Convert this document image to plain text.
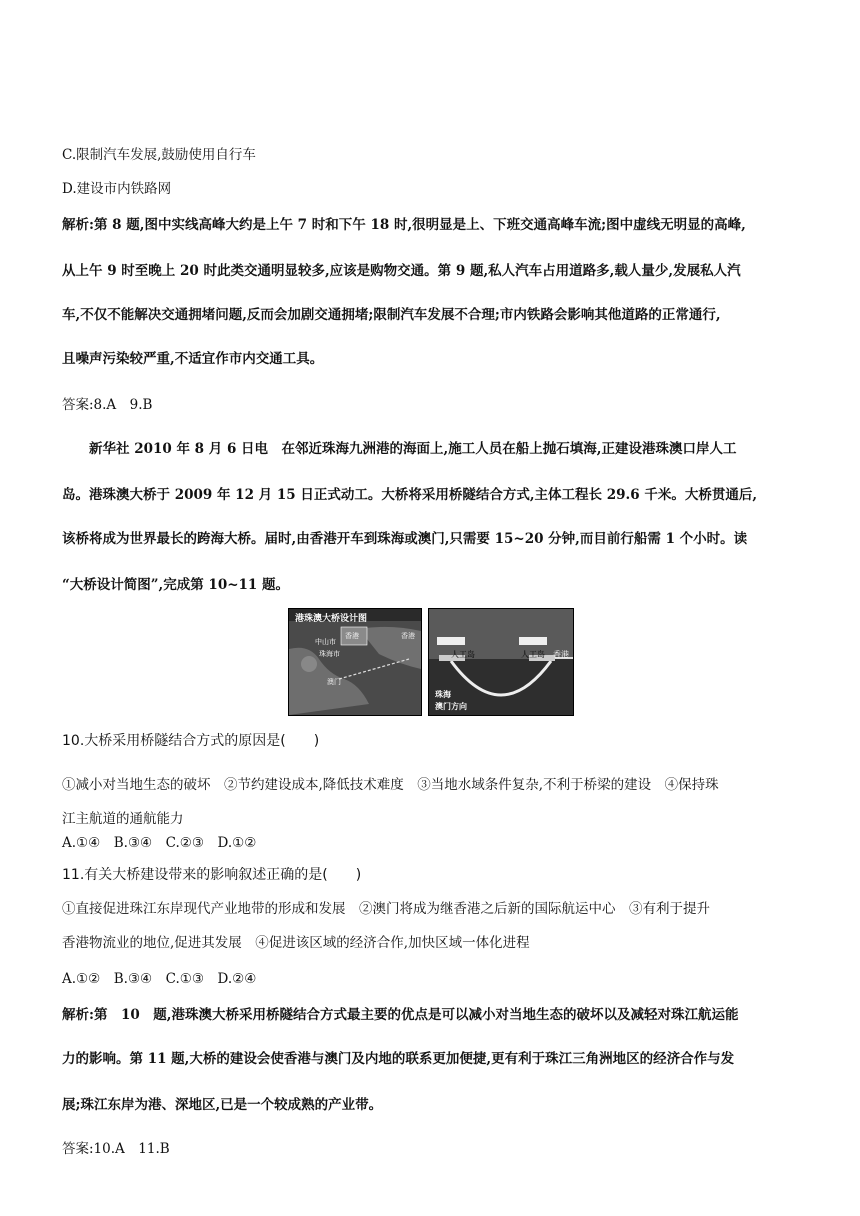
C.限制汽车发展,鼓励使用自行车
D.建设市内铁路网
解析:第 8 题,图中实线高峰大约是上午 7 时和下午 18 时,很明显是上、下班交通高峰车流;图中虚线无明显的高峰,
从上午 9 时至晚上 20 时此类交通明显较多,应该是购物交通。第 9 题,私人汽车占用道路多,载人量少,发展私人汽
车,不仅不能解决交通拥堵问题,反而会加剧交通拥堵;限制汽车发展不合理;市内铁路会影响其他道路的正常通行,
且噪声污染较严重,不适宜作市内交通工具。
答案:8.A　9.B
新华社 2010 年 8 月 6 日电　在邻近珠海九洲港的海面上,施工人员在船上抛石填海,正建设港珠澳口岸人工
岛。港珠澳大桥于 2009 年 12 月 15 日正式动工。大桥将采用桥隧结合方式,主体工程长 29.6 千米。大桥贯通后,
该桥将成为世界最长的跨海大桥。届时,由香港开车到珠海或澳门,只需要 15~20 分钟,而目前行船需 1 个小时。读
“大桥设计简图”,完成第 10~11 题。
港珠澳大桥设计图
中山市
珠海市
香港
澳门
香港
人工岛	人工岛
珠海
澳门方向
香港
10.大桥采用桥隧结合方式的原因是(　　)
①减小对当地生态的破坏　②节约建设成本,降低技术难度　③当地水域条件复杂,不利于桥梁的建设　④保持珠
江主航道的通航能力
A.①④　B.③④　C.②③　D.①②
11.有关大桥建设带来的影响叙述正确的是(　　)
①直接促进珠江东岸现代产业地带的形成和发展　②澳门将成为继香港之后新的国际航运中心　③有利于提升
香港物流业的地位,促进其发展　④促进该区域的经济合作,加快区域一体化进程
A.①②　B.③④　C.①③　D.②④
解析:第　10　题,港珠澳大桥采用桥隧结合方式最主要的优点是可以减小对当地生态的破坏以及减轻对珠江航运能
力的影响。第 11 题,大桥的建设会使香港与澳门及内地的联系更加便捷,更有利于珠江三角洲地区的经济合作与发
展;珠江东岸为港、深地区,已是一个较成熟的产业带。
答案:10.A　11.B
